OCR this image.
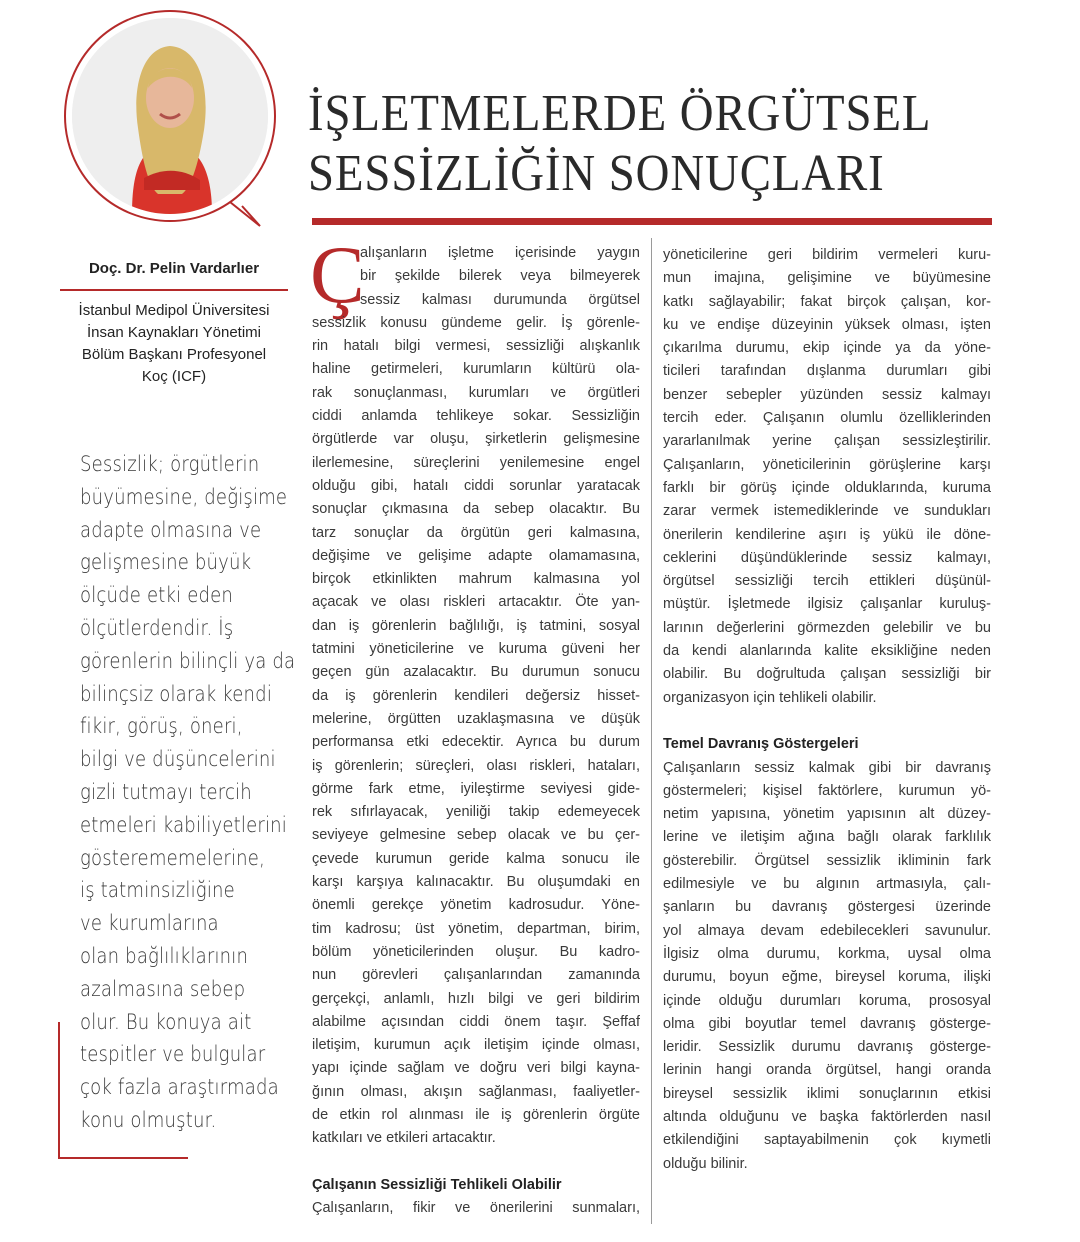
Doç. Dr. Pelin Vardarlıer
İstanbul Medipol Üniversitesi
İnsan Kaynakları Yönetimi
Bölüm Başkanı Profesyonel
Koç (ICF)
Sessizlik; örgütlerin
büyümesine, değişime
adapte olmasına ve
gelişmesine büyük
ölçüde etki eden
ölçütlerdendir. İş
görenlerin bilinçli ya da
bilinçsiz olarak kendi
fikir, görüş, öneri,
bilgi ve düşüncelerini
gizli tutmayı tercih
etmeleri kabiliyetlerini
gösterememelerine,
iş tatminsizliğine
ve kurumlarına
olan bağlılıklarının
azalmasına sebep
olur. Bu konuya ait
tespitler ve bulgular
çok fazla araştırmada
konu olmuştur.
İŞLETMELERDE ÖRGÜTSEL
SESSİZLİĞİN SONUÇLARI
Ç
alışanların işletme içerisinde yaygın
bir şekilde bilerek veya bilmeyerek
sessiz kalması durumunda örgütsel
sessizlik konusu gündeme gelir. İş görenle-
rin hatalı bilgi vermesi, sessizliği alışkanlık
haline getirmeleri, kurumların kültürü ola-
rak sonuçlanması, kurumları ve örgütleri
ciddi anlamda tehlikeye sokar. Sessizliğin
örgütlerde var oluşu, şirketlerin gelişmesine
ilerlemesine, süreçlerini yenilemesine engel
olduğu gibi, hatalı ciddi sorunlar yaratacak
sonuçlar çıkmasına da sebep olacaktır. Bu
tarz sonuçlar da örgütün geri kalmasına,
değişime ve gelişime adapte olamamasına,
birçok etkinlikten mahrum kalmasına yol
açacak ve olası riskleri artacaktır. Öte yan-
dan iş görenlerin bağlılığı, iş tatmini, sosyal
tatmini yöneticilerine ve kuruma güveni her
geçen gün azalacaktır. Bu durumun sonucu
da iş görenlerin kendileri değersiz hisset-
melerine, örgütten uzaklaşmasına ve düşük
performansa etki edecektir. Ayrıca bu durum
iş görenlerin; süreçleri, olası riskleri, hataları,
görme fark etme, iyileştirme seviyesi gide-
rek sıfırlayacak, yeniliği takip edemeyecek
seviyeye gelmesine sebep olacak ve bu çer-
çevede kurumun geride kalma sonucu ile
karşı karşıya kalınacaktır. Bu oluşumdaki en
önemli gerekçe yönetim kadrosudur. Yöne-
tim kadrosu; üst yönetim, departman, birim,
bölüm yöneticilerinden oluşur. Bu kadro-
nun görevleri çalışanlarından zamanında
gerçekçi, anlamlı, hızlı bilgi ve geri bildirim
alabilme açısından ciddi önem taşır. Şeffaf
iletişim, kurumun açık iletişim içinde olması,
yapı içinde sağlam ve doğru veri bilgi kayna-
ğının olması, akışın sağlanması, faaliyetler-
de etkin rol alınması ile iş görenlerin örgüte
katkıları ve etkileri artacaktır.
Çalışanın Sessizliği Tehlikeli Olabilir
Çalışanların, fikir ve önerilerini sunmaları,
yöneticilerine geri bildirim vermeleri kuru-
mun imajına, gelişimine ve büyümesine
katkı sağlayabilir; fakat birçok çalışan, kor-
ku ve endişe düzeyinin yüksek olması, işten
çıkarılma durumu, ekip içinde ya da yöne-
ticileri tarafından dışlanma durumları gibi
benzer sebepler yüzünden sessiz kalmayı
tercih eder. Çalışanın olumlu özelliklerinden
yararlanılmak yerine çalışan sessizleştirilir.
Çalışanların, yöneticilerinin görüşlerine karşı
farklı bir görüş içinde olduklarında, kuruma
zarar vermek istemediklerinde ve sundukları
önerilerin kendilerine aşırı iş yükü ile döne-
ceklerini düşündüklerinde sessiz kalmayı,
örgütsel sessizliği tercih ettikleri düşünül-
müştür. İşletmede ilgisiz çalışanlar kuruluş-
larının değerlerini görmezden gelebilir ve bu
da kendi alanlarında kalite eksikliğine neden
olabilir. Bu doğrultuda çalışan sessizliği bir
organizasyon için tehlikeli olabilir.
Temel Davranış Göstergeleri
Çalışanların sessiz kalmak gibi bir davranış
göstermeleri; kişisel faktörlere, kurumun yö-
netim yapısına, yönetim yapısının alt düzey-
lerine ve iletişim ağına bağlı olarak farklılık
gösterebilir. Örgütsel sessizlik ikliminin fark
edilmesiyle ve bu algının artmasıyla, çalı-
şanların bu davranış göstergesi üzerinde
yol almaya devam edebilecekleri savunulur.
İlgisiz olma durumu, korkma, uysal olma
durumu, boyun eğme, bireysel koruma, ilişki
içinde olduğu durumları koruma, prososyal
olma gibi boyutlar temel davranış gösterge-
leridir. Sessizlik durumu davranış gösterge-
lerinin hangi oranda örgütsel, hangi oranda
bireysel sessizlik iklimi sonuçlarının etkisi
altında olduğunu ve başka faktörlerden nasıl
etkilendiğini saptayabilmenin çok kıymetli
olduğu bilinir.
